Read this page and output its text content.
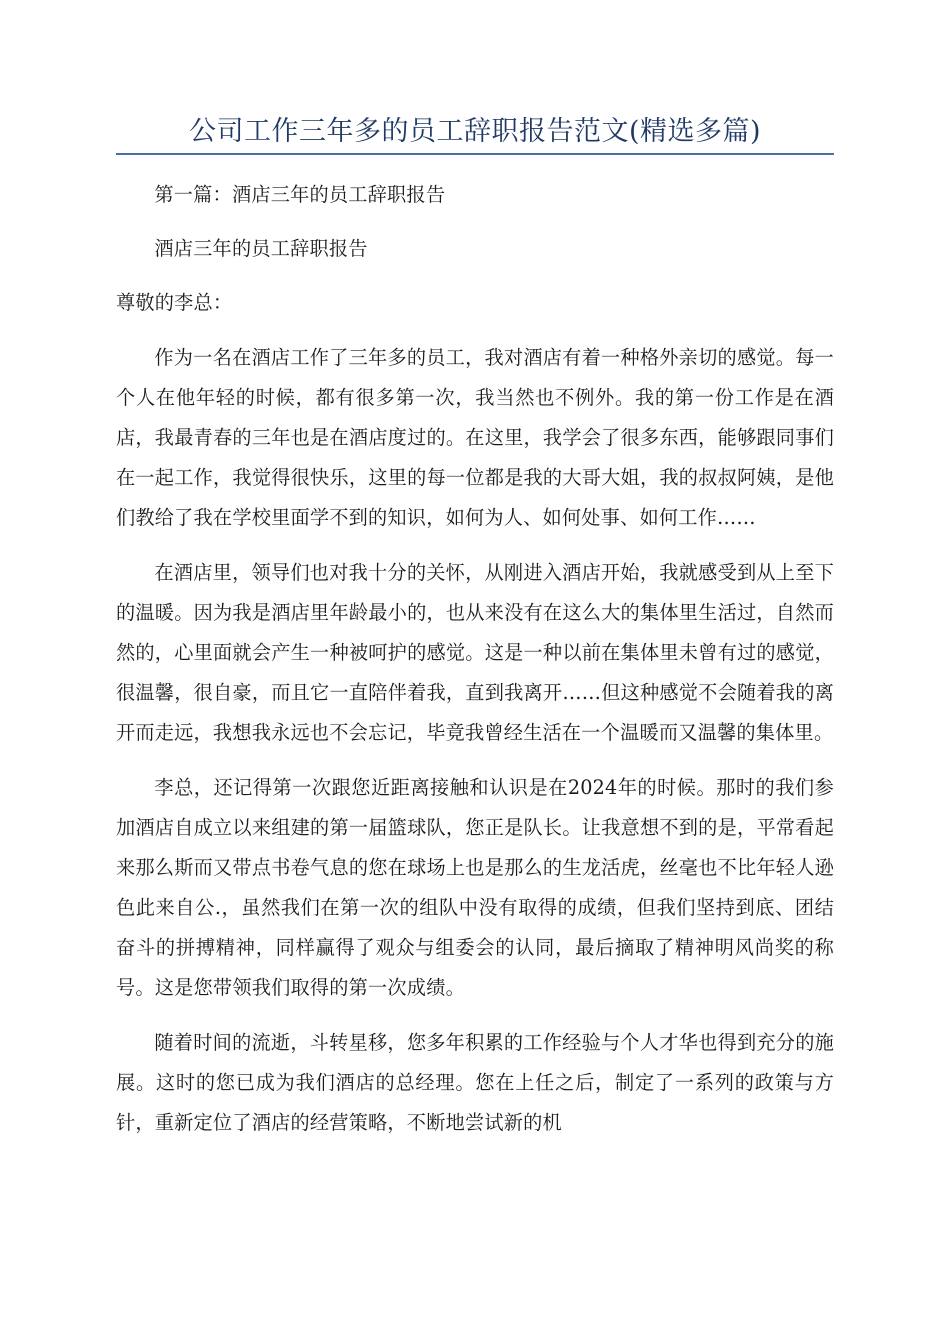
公司工作三年多的员工辞职报告范文(精选多篇)

第一篇：酒店三年的员工辞职报告

酒店三年的员工辞职报告

尊敬的李总：

作为一名在酒店工作了三年多的员工，我对酒店有着一种格外亲切的感觉。每一个人在他年轻的时候，都有很多第一次，我当然也不例外。我的第一份工作是在酒店，我最青春的三年也是在酒店度过的。在这里，我学会了很多东西，能够跟同事们在一起工作，我觉得很快乐，这里的每一位都是我的大哥大姐，我的叔叔阿姨，是他们教给了我在学校里面学不到的知识，如何为人、如何处事、如何工作……

在酒店里，领导们也对我十分的关怀，从刚进入酒店开始，我就感受到从上至下的温暖。因为我是酒店里年龄最小的，也从来没有在这么大的集体里生活过，自然而然的，心里面就会产生一种被呵护的感觉。这是一种以前在集体里未曾有过的感觉，很温馨，很自豪，而且它一直陪伴着我，直到我离开……但这种感觉不会随着我的离开而走远，我想我永远也不会忘记，毕竟我曾经生活在一个温暖而又温馨的集体里。

李总，还记得第一次跟您近距离接触和认识是在2024年的时候。那时的我们参加酒店自成立以来组建的第一届篮球队，您正是队长。让我意想不到的是，平常看起来那么斯而又带点书卷气息的您在球场上也是那么的生龙活虎，丝毫也不比年轻人逊色此来自公.，虽然我们在第一次的组队中没有取得的成绩，但我们坚持到底、团结奋斗的拼搏精神，同样赢得了观众与组委会的认同，最后摘取了精神明风尚奖的称号。这是您带领我们取得的第一次成绩。

随着时间的流逝，斗转星移，您多年积累的工作经验与个人才华也得到充分的施展。这时的您已成为我们酒店的总经理。您在上任之后，制定了一系列的政策与方针，重新定位了酒店的经营策略，不断地尝试新的机
